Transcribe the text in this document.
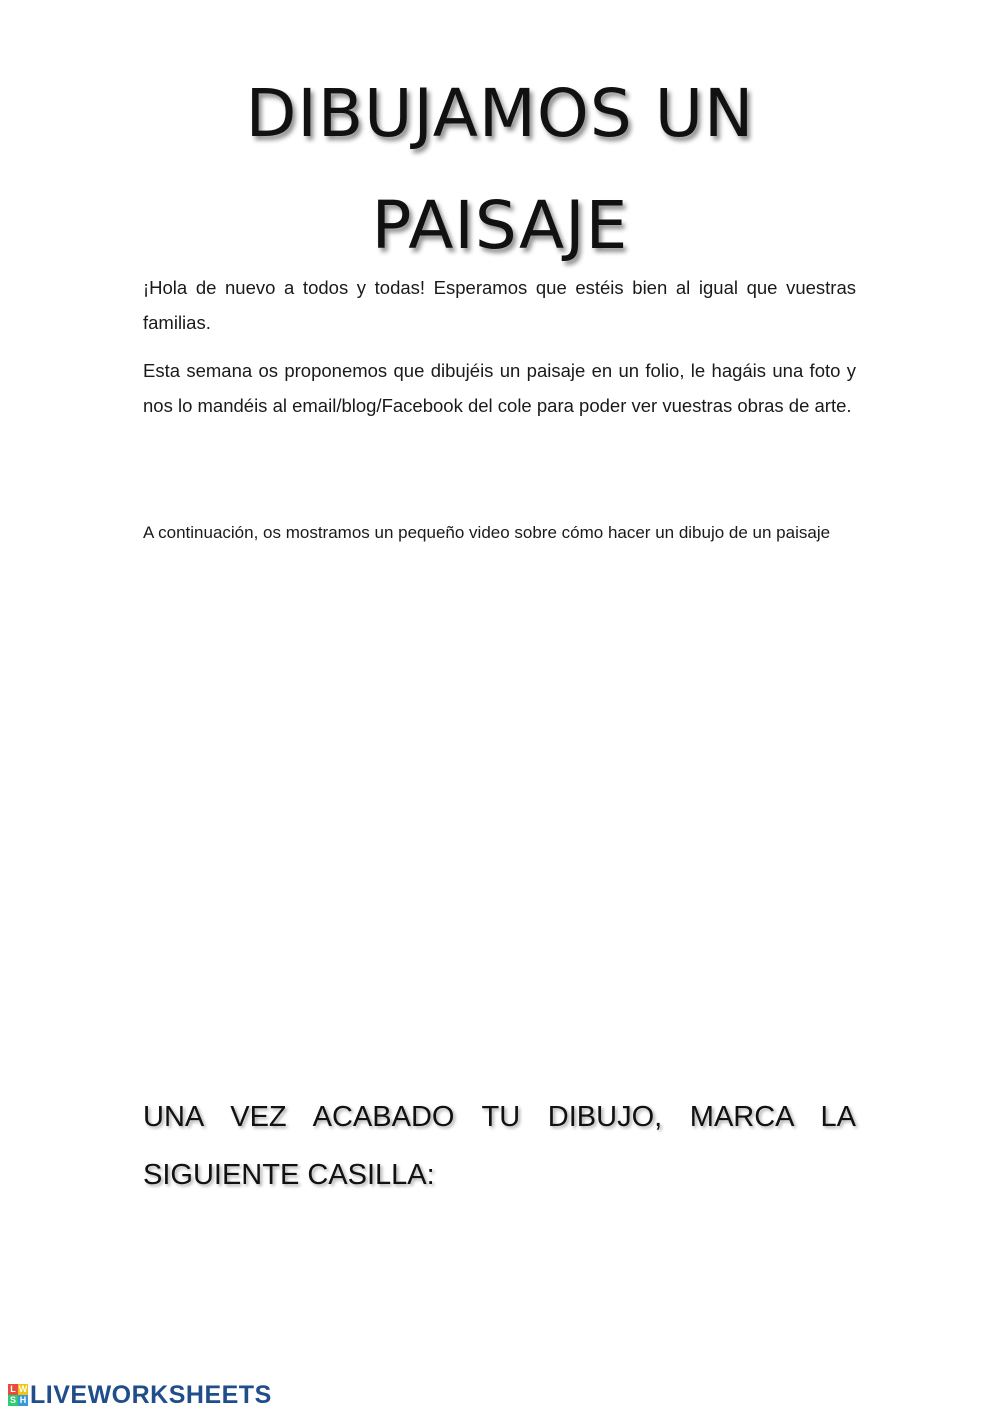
DIBUJAMOS UN
PAISAJE

¡Hola de nuevo a todos y todas! Esperamos que estéis bien al igual que vuestras familias.

Esta semana os proponemos que dibujéis un paisaje en un folio, le hagáis una foto y nos lo mandéis al email/blog/Facebook del cole para poder ver vuestras obras de arte.

A continuación, os mostramos un pequeño video sobre cómo hacer un dibujo de un paisaje

UNA VEZ ACABADO TU DIBUJO, MARCA LA SIGUIENTE CASILLA:

L W
S H LIVEWORKSHEETS
